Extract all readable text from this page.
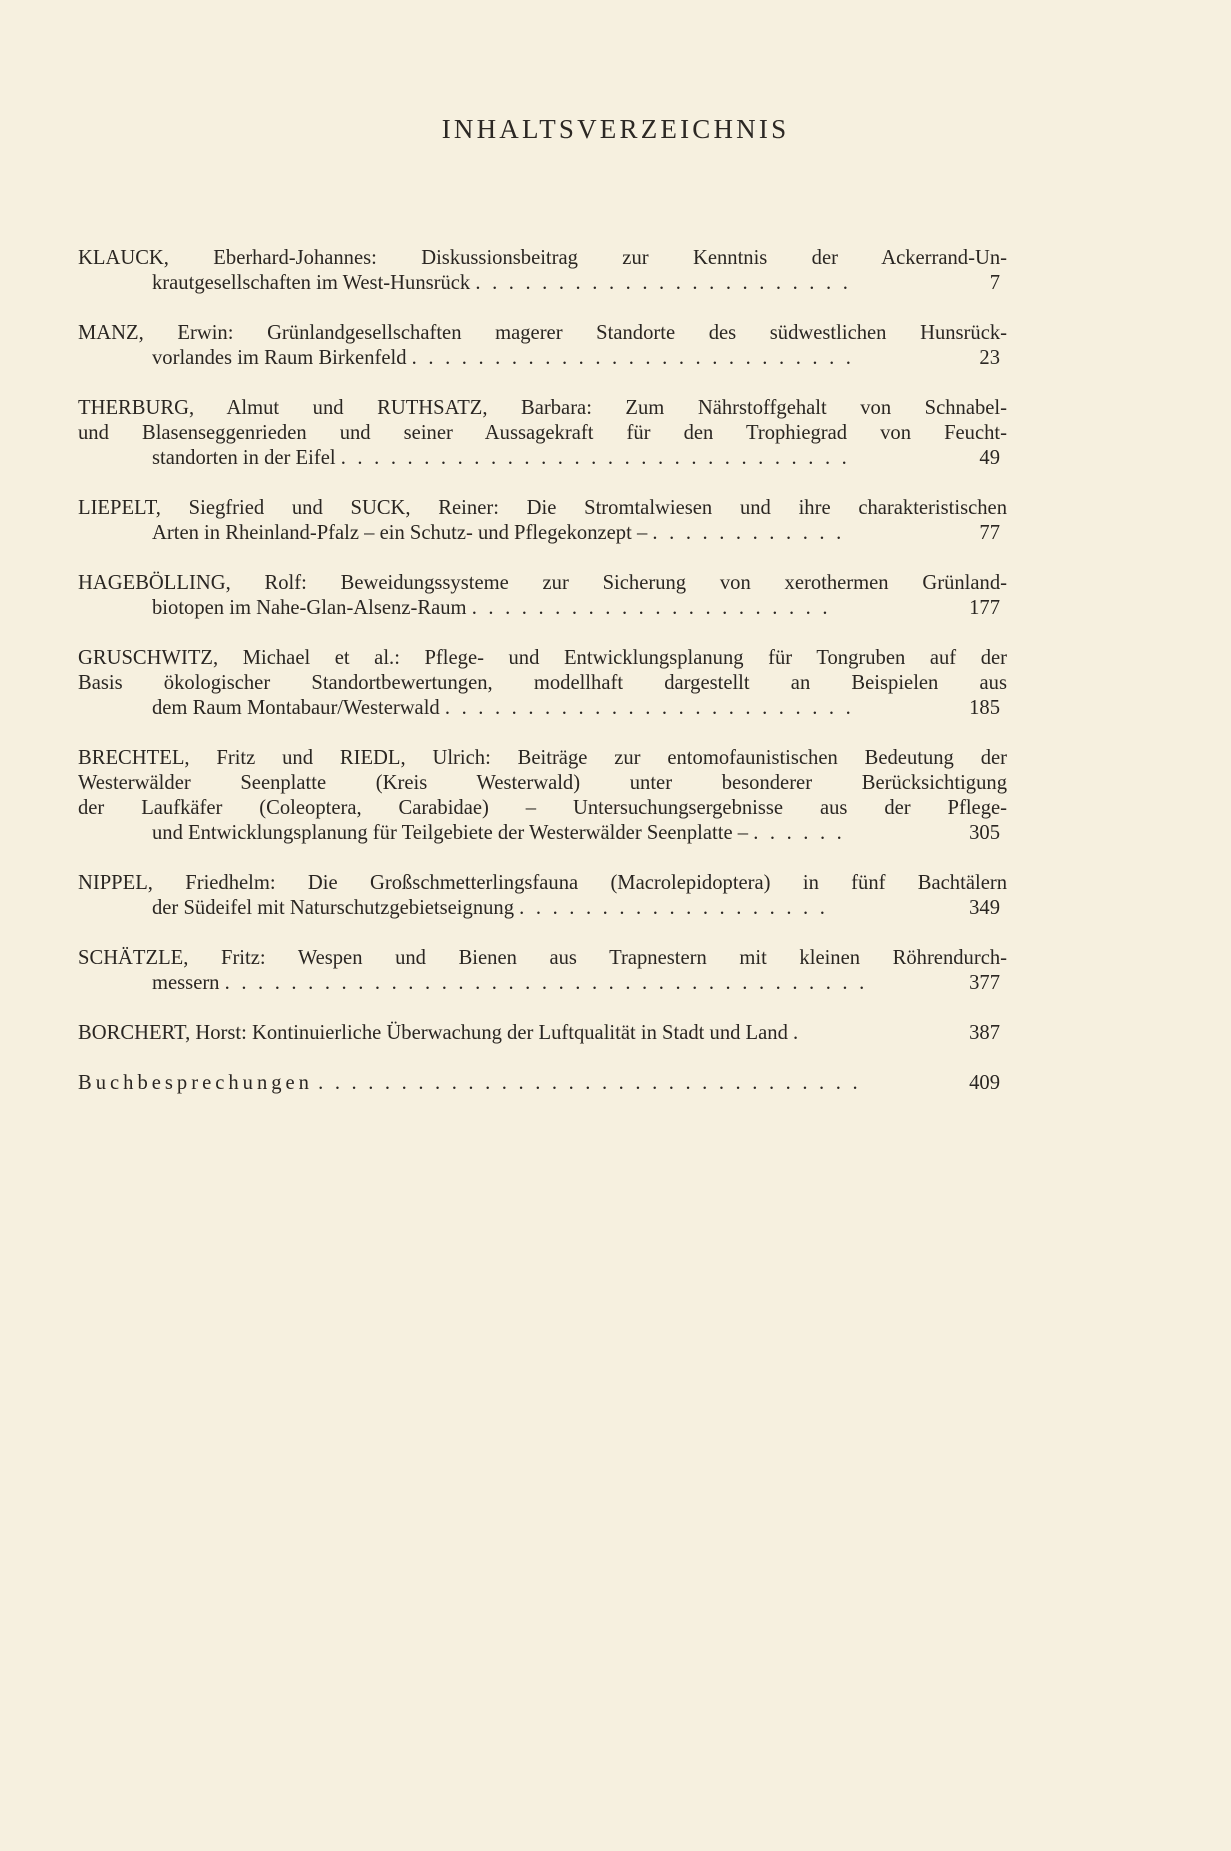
INHALTSVERZEICHNIS
KLAUCK, Eberhard-Johannes: Diskussionsbeitrag zur Kenntnis der Ackerrand-Un-
krautgesellschaften im West-Hunsrück . . . . . . . . . . . . . . . . . . . . . . .	7
MANZ, Erwin: Grünlandgesellschaften magerer Standorte des südwestlichen Hunsrück-
vorlandes im Raum Birkenfeld . . . . . . . . . . . . . . . . . . . . . . . . . . .	23
THERBURG, Almut und RUTHSATZ, Barbara: Zum Nährstoffgehalt von Schnabel-
und Blasenseggenrieden und seiner Aussagekraft für den Trophiegrad von Feucht-
standorten in der Eifel . . . . . . . . . . . . . . . . . . . . . . . . . . . . . . .	49
LIEPELT, Siegfried und SUCK, Reiner: Die Stromtalwiesen und ihre charakteristischen
Arten in Rheinland-Pfalz – ein Schutz- und Pflegekonzept – . . . . . . . . . . . .	77
HAGEBÖLLING, Rolf: Beweidungssysteme zur Sicherung von xerothermen Grünland-
biotopen im Nahe-Glan-Alsenz-Raum . . . . . . . . . . . . . . . . . . . . . .	177
GRUSCHWITZ, Michael et al.: Pflege- und Entwicklungsplanung für Tongruben auf der
Basis ökologischer Standortbewertungen, modellhaft dargestellt an Beispielen aus
dem Raum Montabaur/Westerwald . . . . . . . . . . . . . . . . . . . . . . . . .	185
BRECHTEL, Fritz und RIEDL, Ulrich: Beiträge zur entomofaunistischen Bedeutung der
Westerwälder Seenplatte (Kreis Westerwald) unter besonderer Berücksichtigung
der Laufkäfer (Coleoptera, Carabidae) – Untersuchungsergebnisse aus der Pflege-
und Entwicklungsplanung für Teilgebiete der Westerwälder Seenplatte – . . . . . .	305
NIPPEL, Friedhelm: Die Großschmetterlingsfauna (Macrolepidoptera) in fünf Bachtälern
der Südeifel mit Naturschutzgebietseignung . . . . . . . . . . . . . . . . . . .	349
SCHÄTZLE, Fritz: Wespen und Bienen aus Trapnestern mit kleinen Röhrendurch-
messern . . . . . . . . . . . . . . . . . . . . . . . . . . . . . . . . . . . . . . .	377
BORCHERT, Horst: Kontinuierliche Überwachung der Luftqualität in Stadt und Land .	387
Buchbesprechungen . . . . . . . . . . . . . . . . . . . . . . . . . . . . . . . . .	409
